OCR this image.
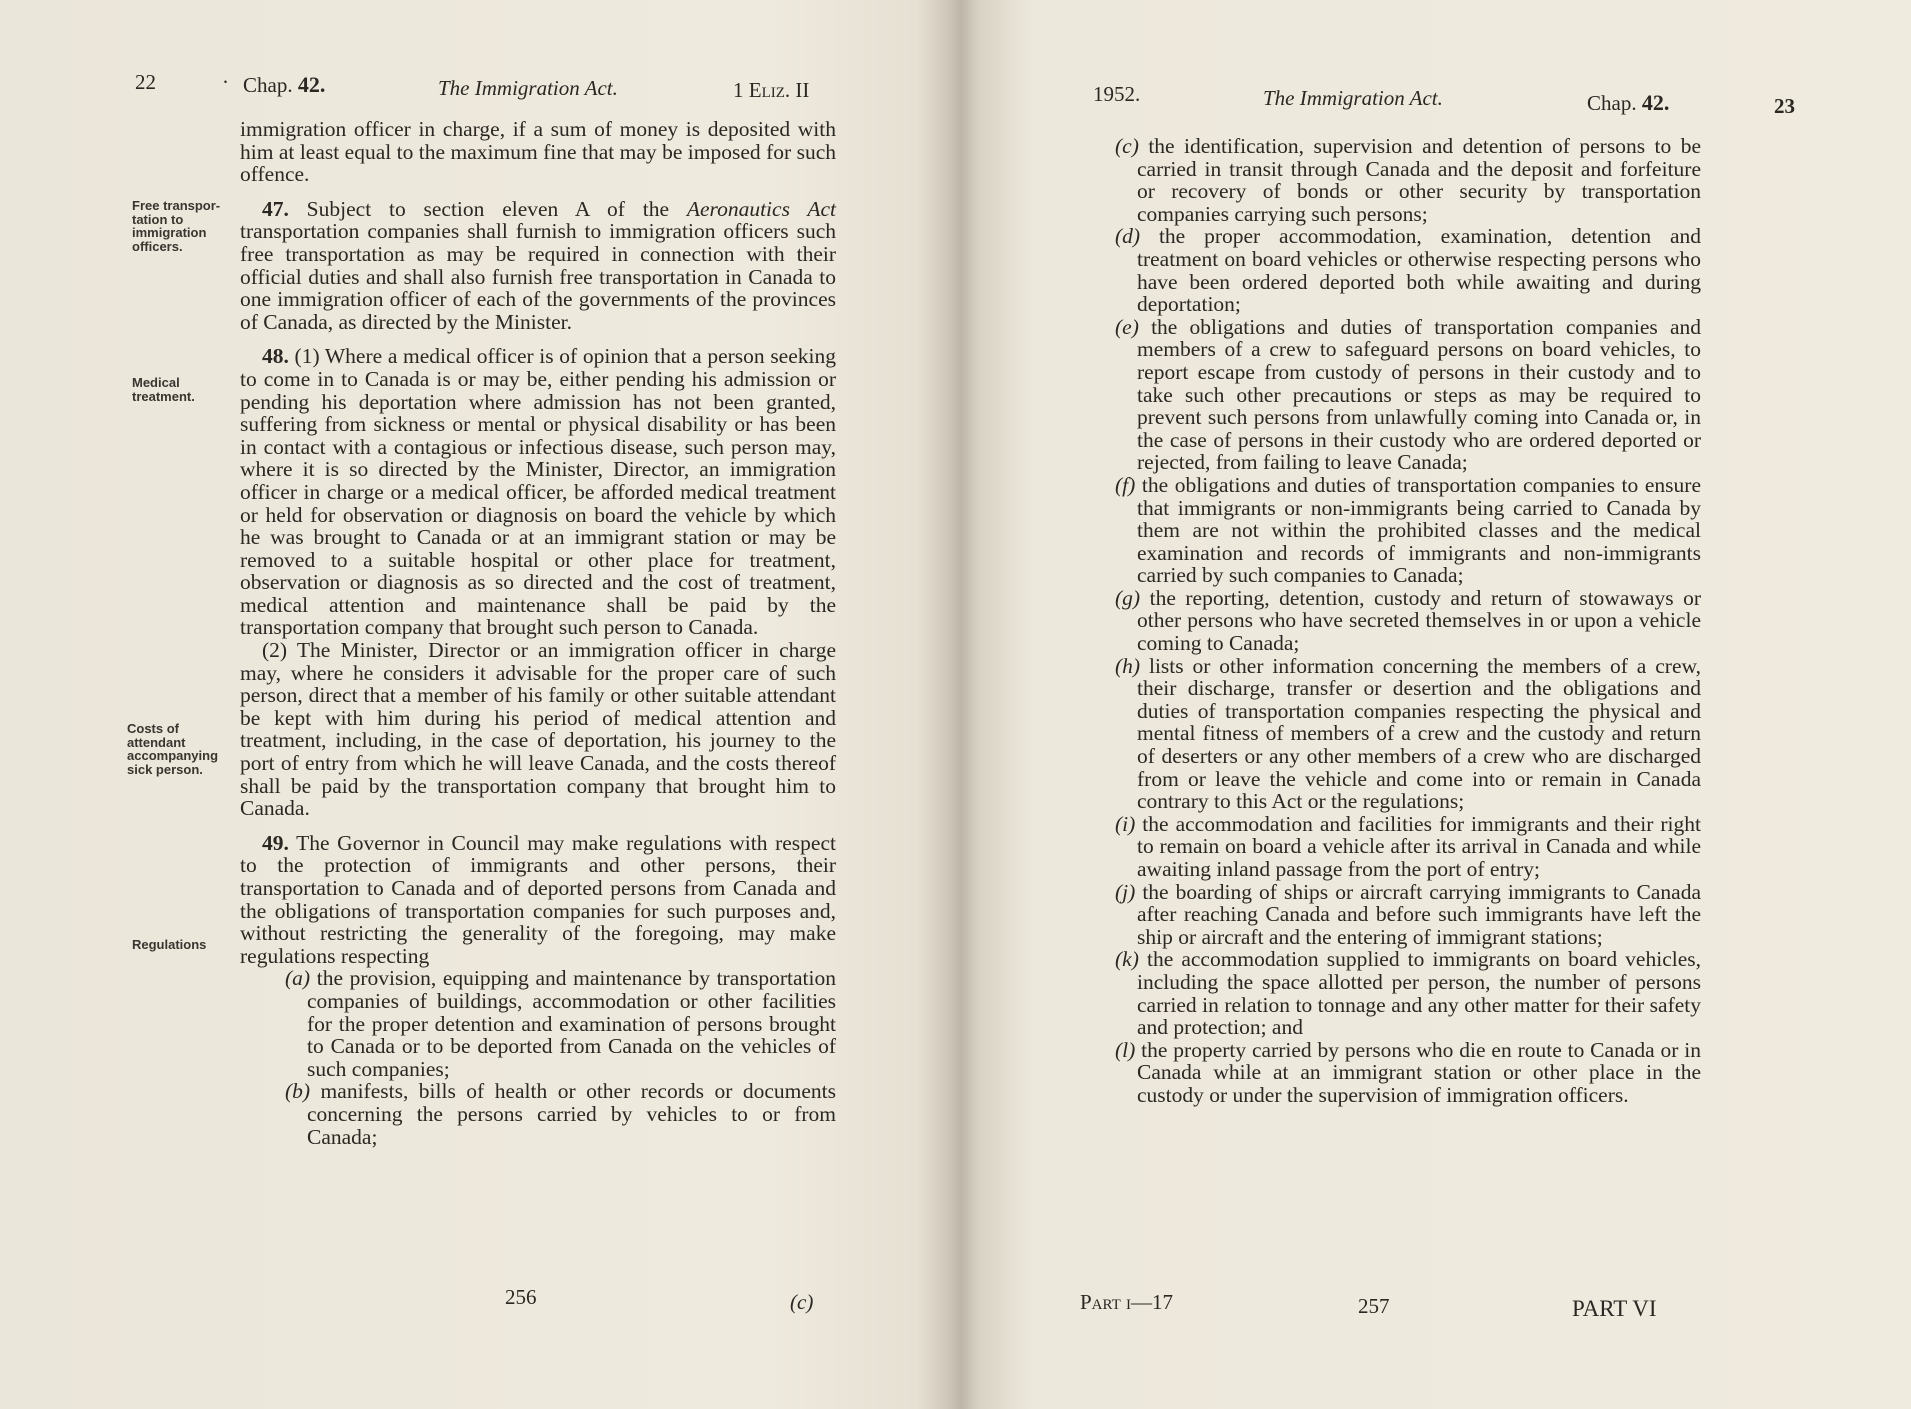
22	· Chap. 42.	The Immigration Act.	1 Eliz. II
Free transpor- tation to immigration officers.
Medical treatment.
Costs of attendant accompanying sick person.
Regulations

immigration officer in charge, if a sum of money is deposited with him at least equal to the maximum fine that may be imposed for such offence.

47. Subject to section eleven A of the Aeronautics Act transportation companies shall furnish to immigration officers such free transportation as may be required in connection with their official duties and shall also furnish free transportation in Canada to one immigration officer of each of the governments of the provinces of Canada, as directed by the Minister.

48. (1) Where a medical officer is of opinion that a person seeking to come in to Canada is or may be, either pending his admission or pending his deportation where admission has not been granted, suffering from sickness or mental or physical disability or has been in contact with a contagious or infectious disease, such person may, where it is so directed by the Minister, Director, an immigration officer in charge or a medical officer, be afforded medical treatment or held for observation or diagnosis on board the vehicle by which he was brought to Canada or at an immigrant station or may be removed to a suitable hospital or other place for treatment, observation or diagnosis as so directed and the cost of treatment, medical attention and maintenance shall be paid by the transportation company that brought such person to Canada.

(2) The Minister, Director or an immigration officer in charge may, where he considers it advisable for the proper care of such person, direct that a member of his family or other suitable attendant be kept with him during his period of medical attention and treatment, including, in the case of deportation, his journey to the port of entry from which he will leave Canada, and the costs thereof shall be paid by the transportation company that brought him to Canada.

49. The Governor in Council may make regulations with respect to the protection of immigrants and other persons, their transportation to Canada and of deported persons from Canada and the obligations of transportation companies for such purposes and, without restricting the generality of the foregoing, may make regulations respecting

(a) the provision, equipping and maintenance by transportation companies of buildings, accommodation or other facilities for the proper detention and examination of persons brought to Canada or to be deported from Canada on the vehicles of such companies;
(b) manifests, bills of health or other records or documents concerning the persons carried by vehicles to or from Canada;
256	(c)
1952.	The Immigration Act.	Chap. 42.	23
(c) the identification, supervision and detention of persons to be carried in transit through Canada and the deposit and forfeiture or recovery of bonds or other security by transportation companies carrying such persons;
(d) the proper accommodation, examination, detention and treatment on board vehicles or otherwise respecting persons who have been ordered deported both while awaiting and during deportation;
(e) the obligations and duties of transportation companies and members of a crew to safeguard persons on board vehicles, to report escape from custody of persons in their custody and to take such other precautions or steps as may be required to prevent such persons from unlawfully coming into Canada or, in the case of persons in their custody who are ordered deported or rejected, from failing to leave Canada;
(f) the obligations and duties of transportation companies to ensure that immigrants or non-immigrants being carried to Canada by them are not within the prohibited classes and the medical examination and records of immigrants and non-immigrants carried by such companies to Canada;
(g) the reporting, detention, custody and return of stowaways or other persons who have secreted themselves in or upon a vehicle coming to Canada;
(h) lists or other information concerning the members of a crew, their discharge, transfer or desertion and the obligations and duties of transportation companies respecting the physical and mental fitness of members of a crew and the custody and return of deserters or any other members of a crew who are discharged from or leave the vehicle and come into or remain in Canada contrary to this Act or the regulations;
(i) the accommodation and facilities for immigrants and their right to remain on board a vehicle after its arrival in Canada and while awaiting inland passage from the port of entry;
(j) the boarding of ships or aircraft carrying immigrants to Canada after reaching Canada and before such immigrants have left the ship or aircraft and the entering of immigrant stations;
(k) the accommodation supplied to immigrants on board vehicles, including the space allotted per person, the number of persons carried in relation to tonnage and any other matter for their safety and protection; and
(l) the property carried by persons who die en route to Canada or in Canada while at an immigrant station or other place in the custody or under the supervision of immigration officers.
Part i—17	257	PART VI
